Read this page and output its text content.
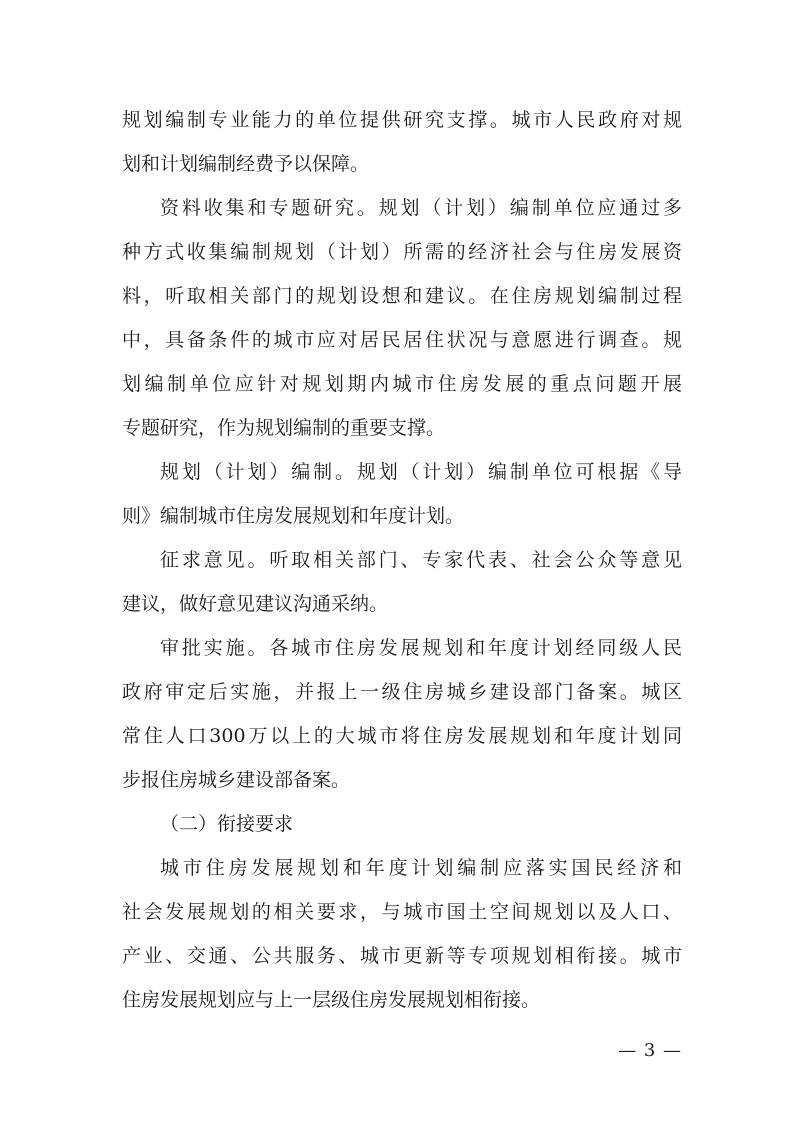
规划编制专业能力的单位提供研究支撑。城市人民政府对规
划和计划编制经费予以保障。
资料收集和专题研究。规划（计划）编制单位应通过多
种方式收集编制规划（计划）所需的经济社会与住房发展资
料，听取相关部门的规划设想和建议。在住房规划编制过程
中，具备条件的城市应对居民居住状况与意愿进行调查。规
划编制单位应针对规划期内城市住房发展的重点问题开展
专题研究，作为规划编制的重要支撑。
规划（计划）编制。规划（计划）编制单位可根据《导
则》编制城市住房发展规划和年度计划。
征求意见。听取相关部门、专家代表、社会公众等意见
建议，做好意见建议沟通采纳。
审批实施。各城市住房发展规划和年度计划经同级人民
政府审定后实施，并报上一级住房城乡建设部门备案。城区
常住人口300万以上的大城市将住房发展规划和年度计划同
步报住房城乡建设部备案。
（二）衔接要求
城市住房发展规划和年度计划编制应落实国民经济和
社会发展规划的相关要求，与城市国土空间规划以及人口、
产业、交通、公共服务、城市更新等专项规划相衔接。城市
住房发展规划应与上一层级住房发展规划相衔接。
— 3 —
